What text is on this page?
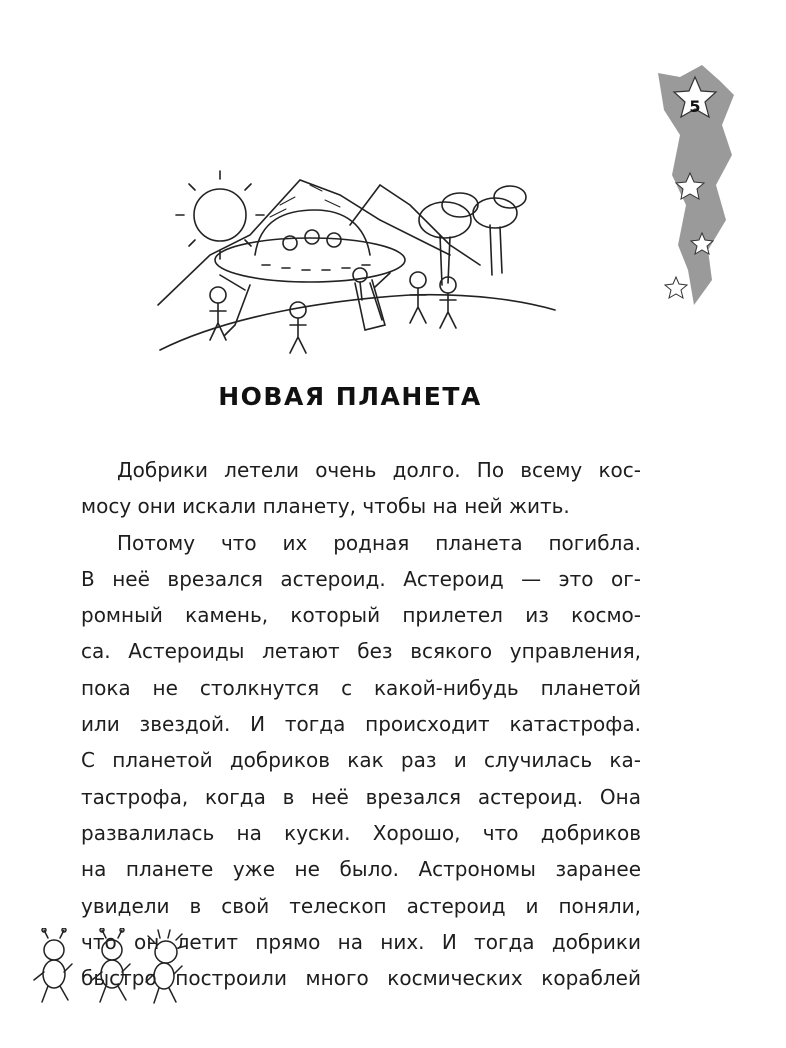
5
НОВАЯ ПЛАНЕТА
Добрики летели очень долго. По всему кос-
мосу они искали планету, чтобы на ней жить.
Потому что их родная планета погибла.
В неё врезался астероид. Астероид — это ог-
ромный камень, который прилетел из космо-
са. Астероиды летают без всякого управления,
пока не столкнутся с какой-нибудь планетой
или звездой. И тогда происходит катастрофа.
С планетой добриков как раз и случилась ка-
тастрофа, когда в неё врезался астероид. Она
развалилась на куски. Хорошо, что добриков
на планете уже не было. Астрономы заранее
увидели в свой телескоп астероид и поняли,
что он летит прямо на них. И тогда добрики
быстро построили много космических кораблей
